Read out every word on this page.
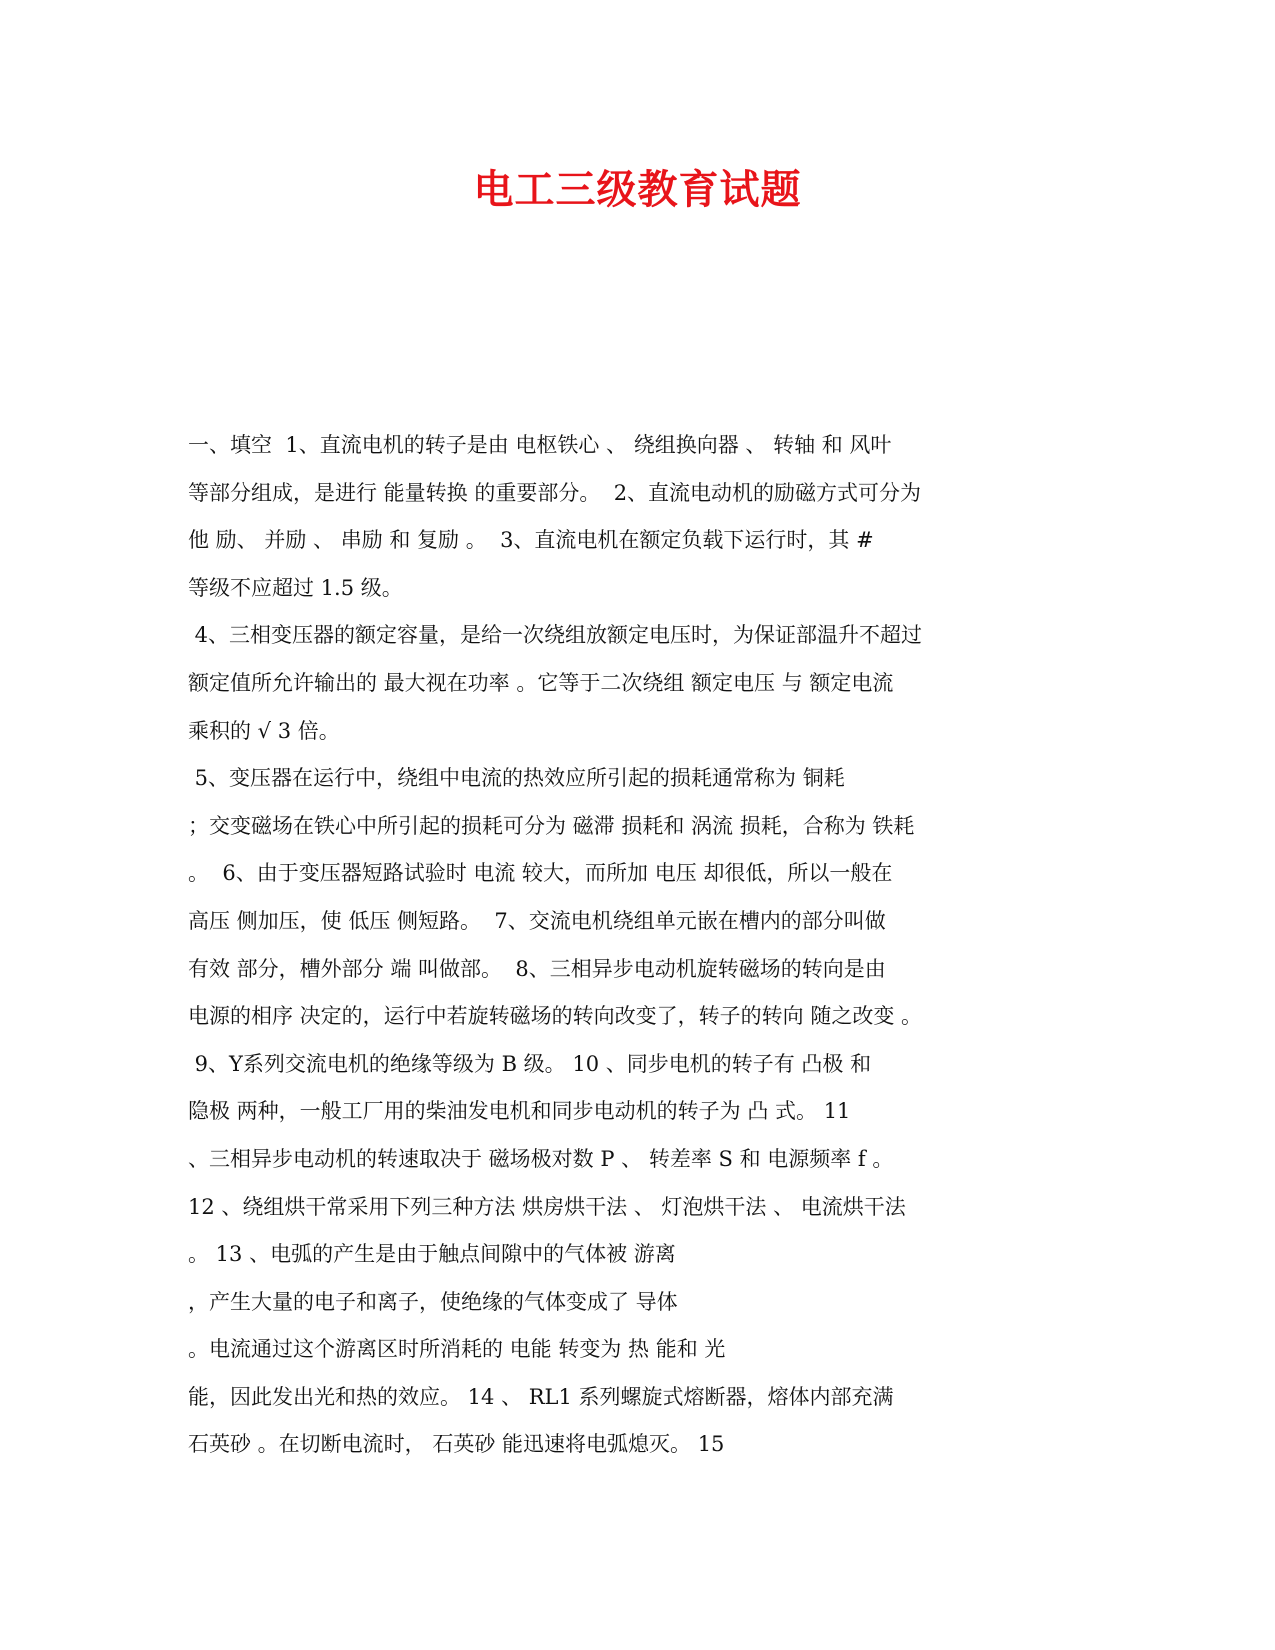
电工三级教育试题
一、填空  1、直流电机的转子是由 电枢铁心 、 绕组换向器 、 转轴 和 风叶
等部分组成，是进行 能量转换 的重要部分。  2、直流电动机的励磁方式可分为
他 励、 并励 、 串励 和 复励 。  3、直流电机在额定负载下运行时，其 #
等级不应超过 1.5 级。
4、三相变压器的额定容量，是给一次绕组放额定电压时，为保证部温升不超过
额定值所允许输出的 最大视在功率 。它等于二次绕组 额定电压 与 额定电流
乘积的 √ 3 倍。
5、变压器在运行中，绕组中电流的热效应所引起的损耗通常称为 铜耗
；交变磁场在铁心中所引起的损耗可分为 磁滞 损耗和 涡流 损耗，合称为 铁耗
。  6、由于变压器短路试验时 电流 较大，而所加 电压 却很低，所以一般在
高压 侧加压，使 低压 侧短路。  7、交流电机绕组单元嵌在槽内的部分叫做
有效 部分，槽外部分 端 叫做部。  8、三相异步电动机旋转磁场的转向是由
电源的相序 决定的，运行中若旋转磁场的转向改变了，转子的转向 随之改变 。
9、Y系列交流电机的绝缘等级为 B 级。 10 、同步电机的转子有 凸极 和
隐极 两种，一般工厂用的柴油发电机和同步电动机的转子为 凸 式。 11
、三相异步电动机的转速取决于 磁场极对数 P 、 转差率 S 和 电源频率 f 。
12 、绕组烘干常采用下列三种方法 烘房烘干法 、 灯泡烘干法 、 电流烘干法
。 13 、电弧的产生是由于触点间隙中的气体被 游离
，产生大量的电子和离子，使绝缘的气体变成了 导体
。电流通过这个游离区时所消耗的 电能 转变为 热 能和 光
能，因此发出光和热的效应。 14 、 RL1 系列螺旋式熔断器，熔体内部充满
石英砂 。在切断电流时， 石英砂 能迅速将电弧熄灭。 15
